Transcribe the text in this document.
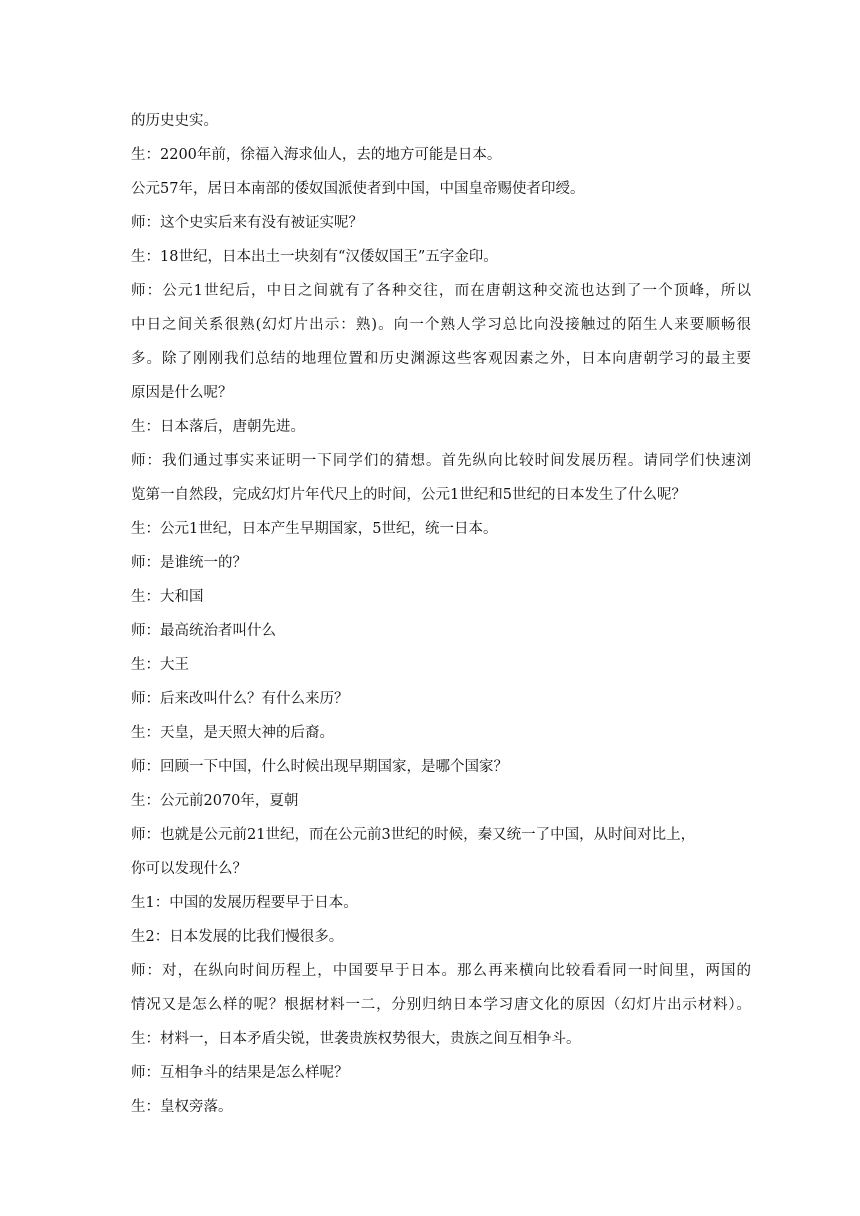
的历史史实。
生：2200年前，徐福入海求仙人，去的地方可能是日本。
公元57年，居日本南部的倭奴国派使者到中国，中国皇帝赐使者印绶。
师：这个史实后来有没有被证实呢？
生：18世纪，日本出土一块刻有“汉倭奴国王”五字金印。
师：公元1世纪后，中日之间就有了各种交往，而在唐朝这种交流也达到了一个顶峰，所以
中日之间关系很熟(幻灯片出示：熟)。向一个熟人学习总比向没接触过的陌生人来要顺畅很
多。除了刚刚我们总结的地理位置和历史渊源这些客观因素之外，日本向唐朝学习的最主要
原因是什么呢？
生：日本落后，唐朝先进。
师：我们通过事实来证明一下同学们的猜想。首先纵向比较时间发展历程。请同学们快速浏
览第一自然段，完成幻灯片年代尺上的时间，公元1世纪和5世纪的日本发生了什么呢？
生：公元1世纪，日本产生早期国家，5世纪，统一日本。
师：是谁统一的？
生：大和国
师：最高统治者叫什么
生：大王
师：后来改叫什么？有什么来历？
生：天皇，是天照大神的后裔。
师：回顾一下中国，什么时候出现早期国家，是哪个国家？
生：公元前2070年，夏朝
师：也就是公元前21世纪，而在公元前3世纪的时候，秦又统一了中国，从时间对比上，
你可以发现什么？
生1：中国的发展历程要早于日本。
生2：日本发展的比我们慢很多。
师：对，在纵向时间历程上，中国要早于日本。那么再来横向比较看看同一时间里，两国的
情况又是怎么样的呢？根据材料一二，分别归纳日本学习唐文化的原因（幻灯片出示材料）。
生：材料一，日本矛盾尖锐，世袭贵族权势很大，贵族之间互相争斗。
师：互相争斗的结果是怎么样呢？
生：皇权旁落。
